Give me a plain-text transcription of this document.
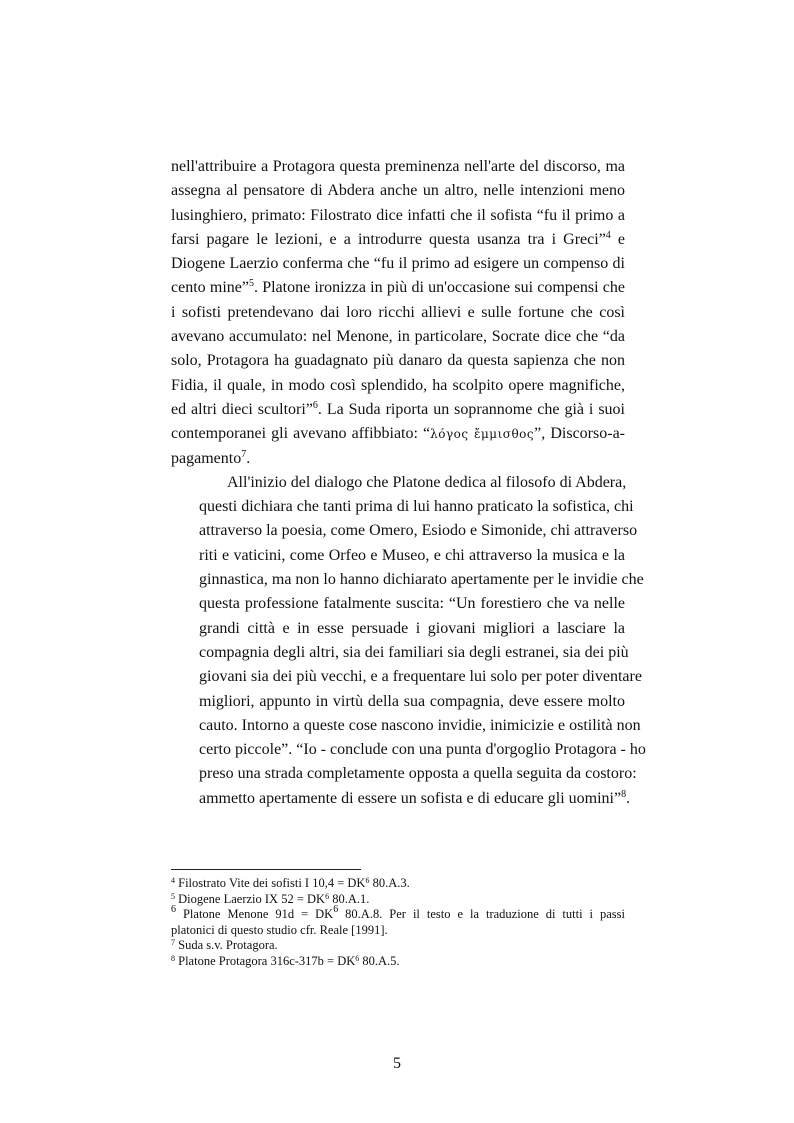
nell'attribuire a Protagora questa preminenza nell'arte del discorso, ma
assegna al pensatore di Abdera anche un altro, nelle intenzioni meno
lusinghiero, primato: Filostrato dice infatti che il sofista “fu il primo a
farsi pagare le lezioni, e a introdurre questa usanza tra i Greci”$^4$ e
Diogene Laerzio conferma che “fu il primo ad esigere un compenso di
cento mine”$^5$. Platone ironizza in più di un'occasione sui compensi che
i sofisti pretendevano dai loro ricchi allievi e sulle fortune che così
avevano accumulato: nel Menone, in particolare, Socrate dice che “da
solo, Protagora ha guadagnato più danaro da questa sapienza che non
Fidia, il quale, in modo così splendido, ha scolpito opere magnifiche,
ed altri dieci scultori”$^6$. La Suda riporta un soprannome che già i suoi
contemporanei gli avevano affibbiato: “λόγος ἔμμισθος”, Discorso-a-
pagamento$^7$.

All'inizio del dialogo che Platone dedica al filosofo di Abdera,
questi dichiara che tanti prima di lui hanno praticato la sofistica, chi
attraverso la poesia, come Omero, Esiodo e Simonide, chi attraverso
riti e vaticini, come Orfeo e Museo, e chi attraverso la musica e la
ginnastica, ma non lo hanno dichiarato apertamente per le invidie che
questa professione fatalmente suscita: “Un forestiero che va nelle
grandi città e in esse persuade i giovani migliori a lasciare la
compagnia degli altri, sia dei familiari sia degli estranei, sia dei più
giovani sia dei più vecchi, e a frequentare lui solo per poter diventare
migliori, appunto in virtù della sua compagnia, deve essere molto
cauto. Intorno a queste cose nascono invidie, inimicizie e ostilità non
certo piccole”. “Io - conclude con una punta d'orgoglio Protagora - ho
preso una strada completamente opposta a quella seguita da costoro:
ammetto apertamente di essere un sofista e di educare gli uomini”$^8$.

$^4$ Filostrato Vite dei sofisti I $10,4 = DK^6$ 80.A.3.
$^5$ Diogene Laerzio IX $52 = DK^6$ 80.A.1.
$^6$ Platone Menone $91d = DK^6$ 80.A.8. Per il testo e la traduzione di tutti i passi
platonici di questo studio cfr. Reale [1991].
$^7$ Suda s.v. Protagora.
$^8$ Platone Protagora $316c-317b = DK^6$ 80.A.5.
5
